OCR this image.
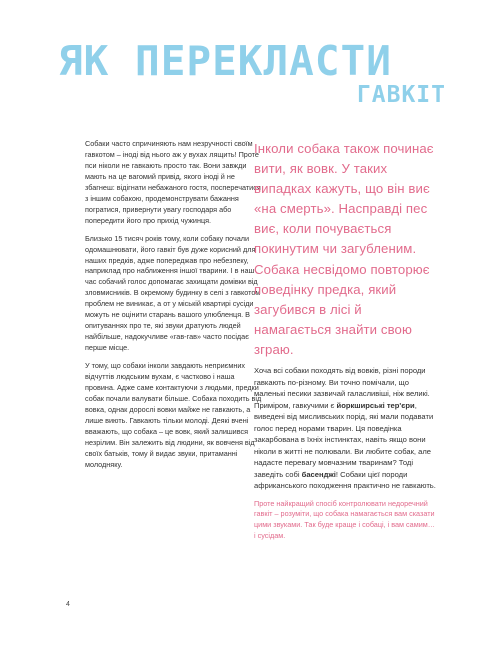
ЯК ПЕРЕКЛАСТИ
ГАВКІТ

Собаки часто спричиняють нам незручності своїм гавкотом – іноді від нього аж у вухах лящить! Проте пси ніколи не гавкають просто так. Вони завжди мають на це вагомий привід, якого іноді й не збагнеш: відігнати небажаного гостя, посперечатися з іншим собакою, продемонструвати бажання погратися, привернути увагу господаря або попередити його про прихід чужинця.

Близько 15 тисяч років тому, коли собаку почали одомашнювати, його гавкіт був дуже корисний для наших предків, адже попереджав про небезпеку, наприклад про наближення іншої тварини. І в наш час собачий голос допомагає захищати домівки від зловмисників. В окремому будинку в селі з гавкотом проблем не виникає, а от у міській квартирі сусіди можуть не оцінити старань вашого улюбленця. В опитуваннях про те, які звуки дратують людей найбільше, надокучливе «гав-гав» часто посідає перше місце.

У тому, що собаки інколи завдають неприємних відчуттів людським вухам, є частково і наша провина. Адже саме контактуючи з людьми, предки собак почали валувати більше. Собака походить від вовка, однак дорослі вовки майже не гавкають, а лише виють. Гавкають тільки молоді. Деякі вчені вважають, що собака – це вовк, який залишився незрілим. Він залежить від людини, як вовченя від своїх батьків, тому й видає звуки, притаманні молодняку.

Інколи собака також починає вити, як вовк. У таких випадках кажуть, що він виє «на смерть». Насправді пес виє, коли почувається покинутим чи загубленим. Собака несвідомо повторює поведінку предка, який загубився в лісі й намагається знайти свою зграю.

Хоча всі собаки походять від вовків, різні породи гавкають по-різному. Ви точно помічали, що маленькі песики зазвичай галасливіші, ніж великі. Приміром, гавкучими є йоркширські тер'єри, виведені від мисливських порід, які мали подавати голос перед норами тварин. Ця поведінка закарбована в їхніх інстинктах, навіть якщо вони ніколи в житті не полювали. Ви любите собак, але надасте перевагу мовчазним тваринам? Тоді заведіть собі басенджі! Собаки цієї породи африканського походження практично не гавкають.

Проте найкращий спосіб контролювати недоречний гавкіт – розуміти, що собака намагається вам сказати цими звуками. Так буде краще і собаці, і вам самим… і сусідам.

4
